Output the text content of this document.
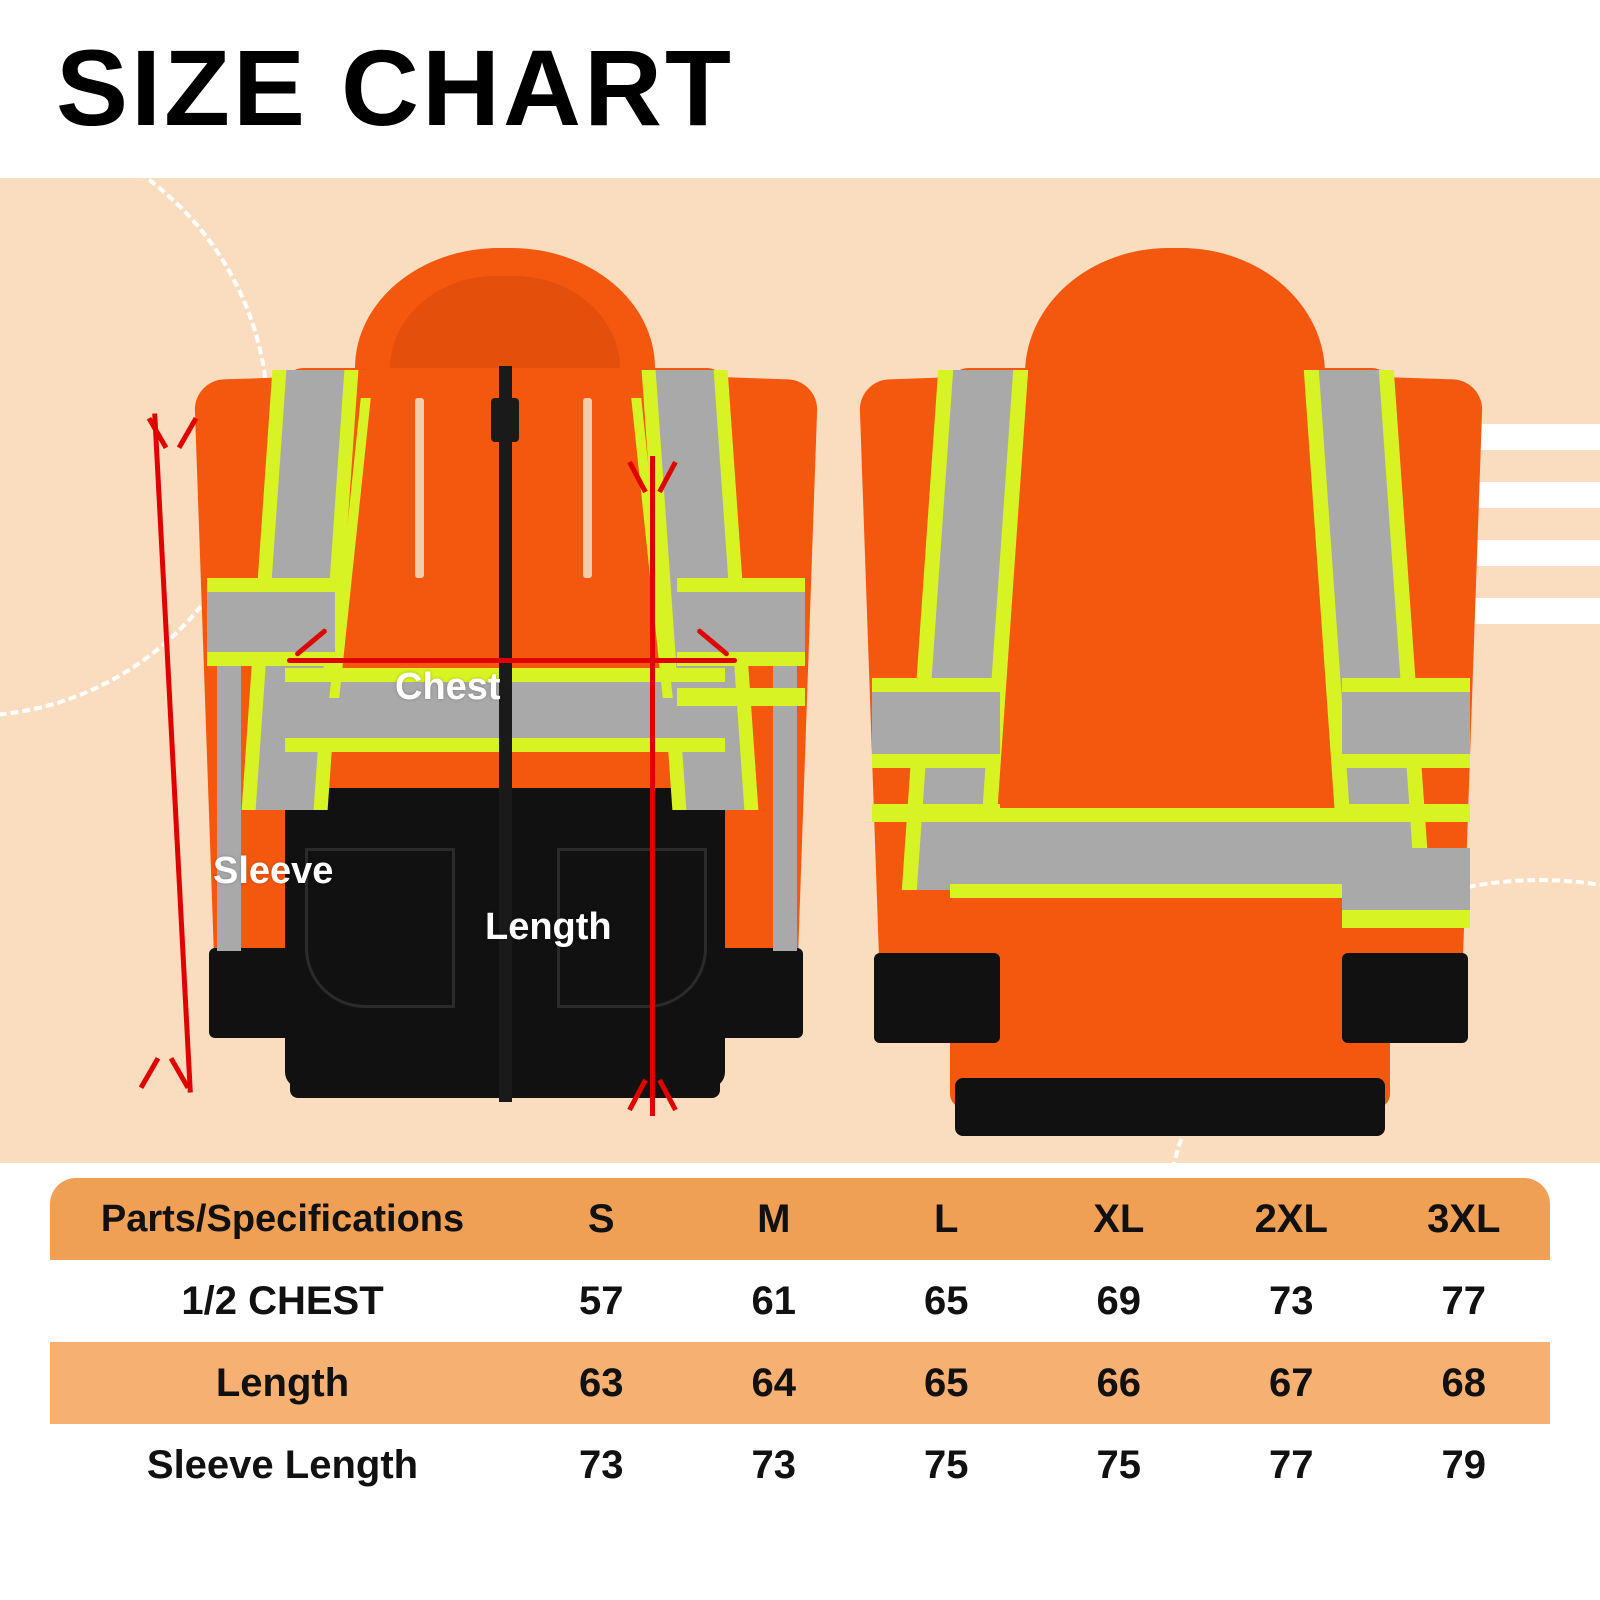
SIZE CHART
Chest
Sleeve
Length
Parts/Specifications	S	M	L	XL	2XL	3XL
1/2 CHEST	57	61	65	69	73	77
Length	63	64	65	66	67	68
Sleeve Length	73	73	75	75	77	79
